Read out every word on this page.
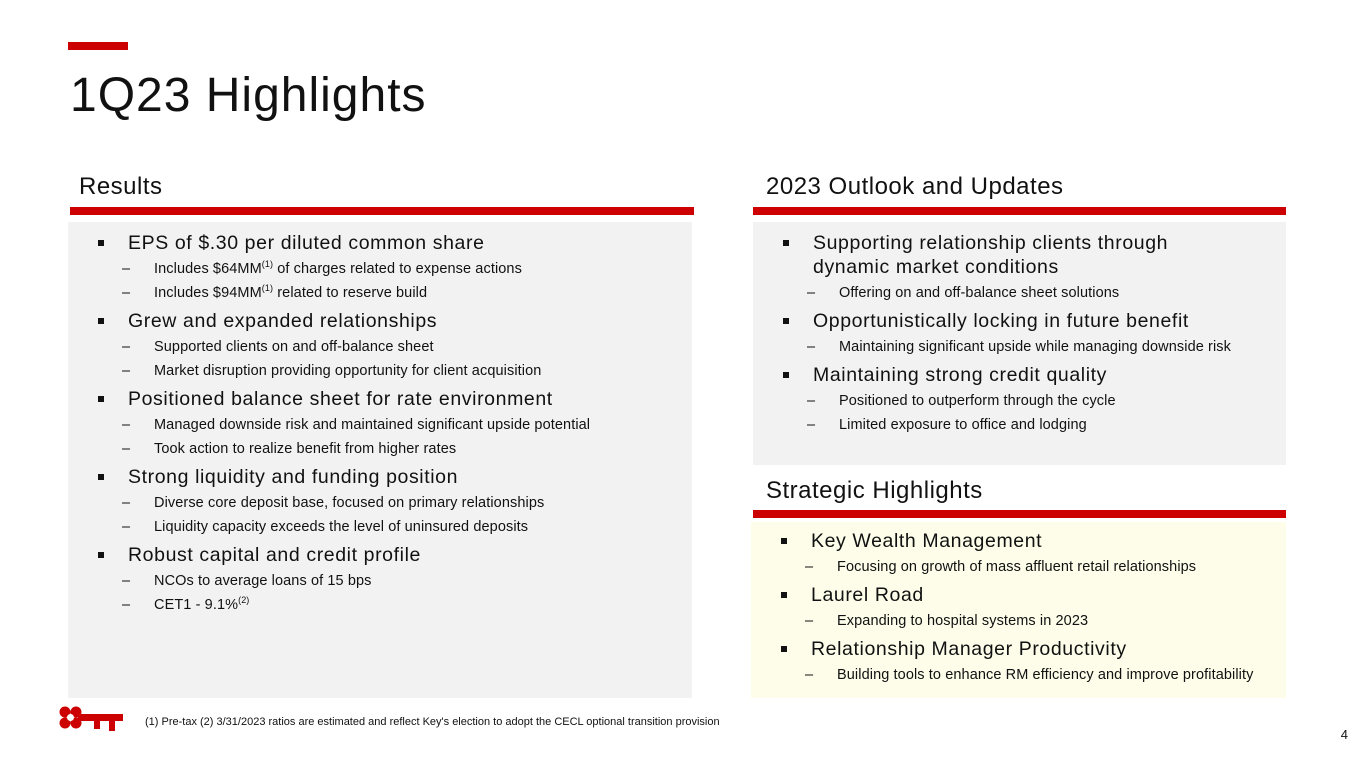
1Q23 Highlights
Results
EPS of $.30 per diluted common share
– Includes $64MM$^{(1)}$ of charges related to expense actions
– Includes $94MM$^{(1)}$ related to reserve build
Grew and expanded relationships
– Supported clients on and off-balance sheet
– Market disruption providing opportunity for client acquisition
Positioned balance sheet for rate environment
– Managed downside risk and maintained significant upside potential
– Took action to realize benefit from higher rates
Strong liquidity and funding position
– Diverse core deposit base, focused on primary relationships
– Liquidity capacity exceeds the level of uninsured deposits
Robust capital and credit profile
– NCOs to average loans of 15 bps
– CET1 - 9.1%$^{(2)}$
2023 Outlook and Updates
Supporting relationship clients through
dynamic market conditions
– Offering on and off-balance sheet solutions
Opportunistically locking in future benefit
– Maintaining significant upside while managing downside risk
Maintaining strong credit quality
– Positioned to outperform through the cycle
– Limited exposure to office and lodging
Strategic Highlights
Key Wealth Management
– Focusing on growth of mass affluent retail relationships
Laurel Road
– Expanding to hospital systems in 2023
Relationship Manager Productivity
– Building tools to enhance RM efficiency and improve profitability
(1) Pre-tax (2) 3/31/2023 ratios are estimated and reflect Key's election to adopt the CECL optional transition provision
4
